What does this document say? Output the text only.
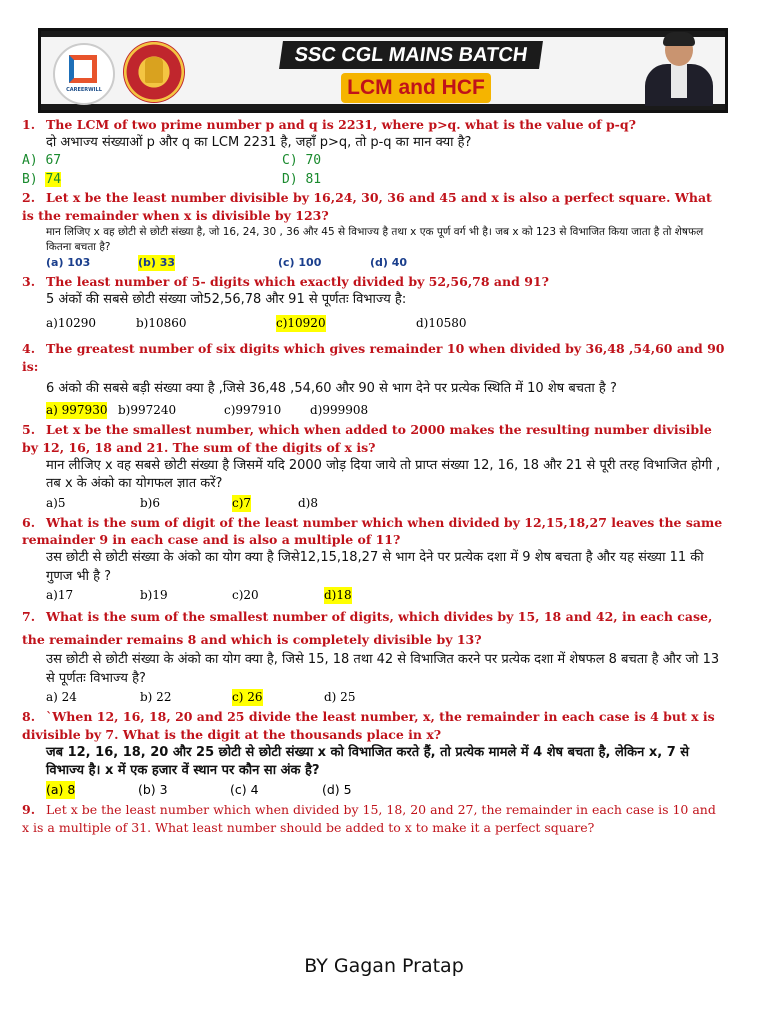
CAREERWILL
SSC CGL MAINS BATCH
LCM and HCF

1. The LCM of two prime number p and q is 2231, where p>q. what is the value of p-q?

दो अभाज्य संख्याओं p और q का LCM 2231 है, जहाँ p>q, तो p-q का मान क्या है?

A) 67	C) 70
B) 74	D) 81

2. Let x be the least number divisible by 16,24, 30, 36 and 45 and x is also a perfect square. What is the remainder when x is divisible by 123?

मान लिजिए x वह छोटी से छोटी संख्या है, जो 16, 24, 30 , 36 और 45 से विभाज्य है तथा x एक पूर्ण वर्ग भी है। जब x को 123 से विभाजित किया जाता है तो शेषफल कितना बचता है?

(a) 103	(b) 33	(c) 100	(d) 40

3. The least number of 5- digits which exactly divided by 52,56,78 and 91?

5 अंकों की सबसे छोटी संख्या जो52,56,78 और 91 से पूर्णतः विभाज्य है:

a)10290	b)10860	c)10920	d)10580

4. The greatest number of six digits which gives remainder 10 when divided by 36,48 ,54,60 and 90 is:

6 अंको की सबसे बड़ी संख्या क्या है ,जिसे 36,48 ,54,60 और 90 से भाग देने पर प्रत्येक स्थिति में 10 शेष बचता है ?

a) 997930 b)997240	c)997910	d)999908

5. Let x be the smallest number, which when added to 2000 makes the resulting number divisible by 12, 16, 18 and 21. The sum of the digits of x is?

मान लीजिए x वह सबसे छोटी संख्या है जिसमें यदि 2000 जोड़ दिया जाये तो प्राप्त संख्या 12, 16, 18 और 21 से पूरी तरह विभाजित होगी , तब x के अंको का योगफल ज्ञात करें?

a)5	b)6	c)7	d)8

6. What is the sum of digit of the least number which when divided by 12,15,18,27 leaves the same remainder 9 in each case and is also a multiple of 11?

उस छोटी से छोटी संख्या के अंको का योग क्या है जिसे12,15,18,27 से भाग देने पर प्रत्येक दशा में 9 शेष बचता है और यह संख्या 11 की गुणज भी है ?

a)17	b)19	c)20	d)18

7. What is the sum of the smallest number of digits, which divides by 15, 18 and 42, in each case, the remainder remains 8 and which is completely divisible by 13?

उस छोटी से छोटी संख्या के अंको का योग क्या है, जिसे 15, 18 तथा 42 से विभाजित करने पर प्रत्येक दशा में शेषफल 8 बचता है और जो 13 से पूर्णतः विभाज्य है?

a) 24	b) 22	c) 26	d) 25

8. `When 12, 16, 18, 20 and 25 divide the least number, x, the remainder in each case is 4 but x is divisible by 7. What is the digit at the thousands place in x?

जब 12, 16, 18, 20 और 25 छोटी से छोटी संख्या x को विभाजित करते हैं, तो प्रत्येक मामले में 4 शेष बचता है, लेकिन x, 7 से विभाज्य है। x में एक हजार वें स्थान पर कौन सा अंक है?

(a) 8	(b) 3	(c) 4	(d) 5

9. Let x be the least number which when divided by 15, 18, 20 and 27, the remainder in each case is 10 and x is a multiple of 31. What least number should be added to x to make it a perfect square?

BY Gagan Pratap
